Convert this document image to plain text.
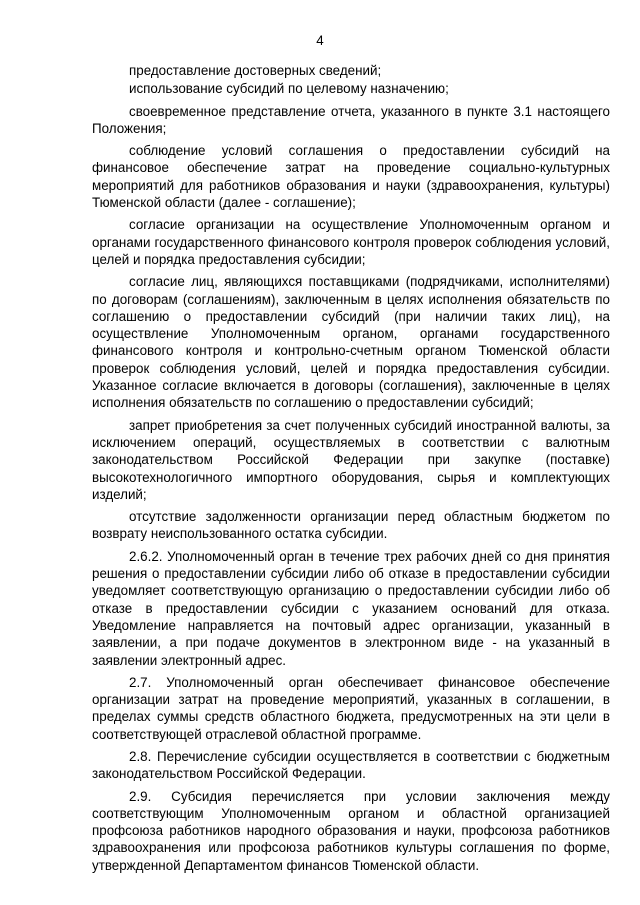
4

предоставление достоверных сведений;

использование субсидий по целевому назначению;

своевременное представление отчета, указанного в пункте 3.1 настоящего Положения;

соблюдение условий соглашения о предоставлении субсидий на финансовое обеспечение затрат на проведение социально-культурных мероприятий для работников образования и науки (здравоохранения, культуры) Тюменской области (далее - соглашение);

согласие организации на осуществление Уполномоченным органом и органами государственного финансового контроля проверок соблюдения условий, целей и порядка предоставления субсидии;

согласие лиц, являющихся поставщиками (подрядчиками, исполнителями) по договорам (соглашениям), заключенным в целях исполнения обязательств по соглашению о предоставлении субсидий (при наличии таких лиц), на осуществление Уполномоченным органом, органами государственного финансового контроля и контрольно-счетным органом Тюменской области проверок соблюдения условий, целей и порядка предоставления субсидии. Указанное согласие включается в договоры (соглашения), заключенные в целях исполнения обязательств по соглашению о предоставлении субсидий;

запрет приобретения за счет полученных субсидий иностранной валюты, за исключением операций, осуществляемых в соответствии с валютным законодательством Российской Федерации при закупке (поставке) высокотехнологичного импортного оборудования, сырья и комплектующих изделий;

отсутствие задолженности организации перед областным бюджетом по возврату неиспользованного остатка субсидии.

2.6.2. Уполномоченный орган в течение трех рабочих дней со дня принятия решения о предоставлении субсидии либо об отказе в предоставлении субсидии уведомляет соответствующую организацию о предоставлении субсидии либо об отказе в предоставлении субсидии с указанием оснований для отказа. Уведомление направляется на почтовый адрес организации, указанный в заявлении, а при подаче документов в электронном виде - на указанный в заявлении электронный адрес.

2.7. Уполномоченный орган обеспечивает финансовое обеспечение организации затрат на проведение мероприятий, указанных в соглашении, в пределах суммы средств областного бюджета, предусмотренных на эти цели в соответствующей отраслевой областной программе.

2.8. Перечисление субсидии осуществляется в соответствии с бюджетным законодательством Российской Федерации.

2.9. Субсидия перечисляется при условии заключения между соответствующим Уполномоченным органом и областной организацией профсоюза работников народного образования и науки, профсоюза работников здравоохранения или профсоюза работников культуры соглашения по форме, утвержденной Департаментом финансов Тюменской области.
